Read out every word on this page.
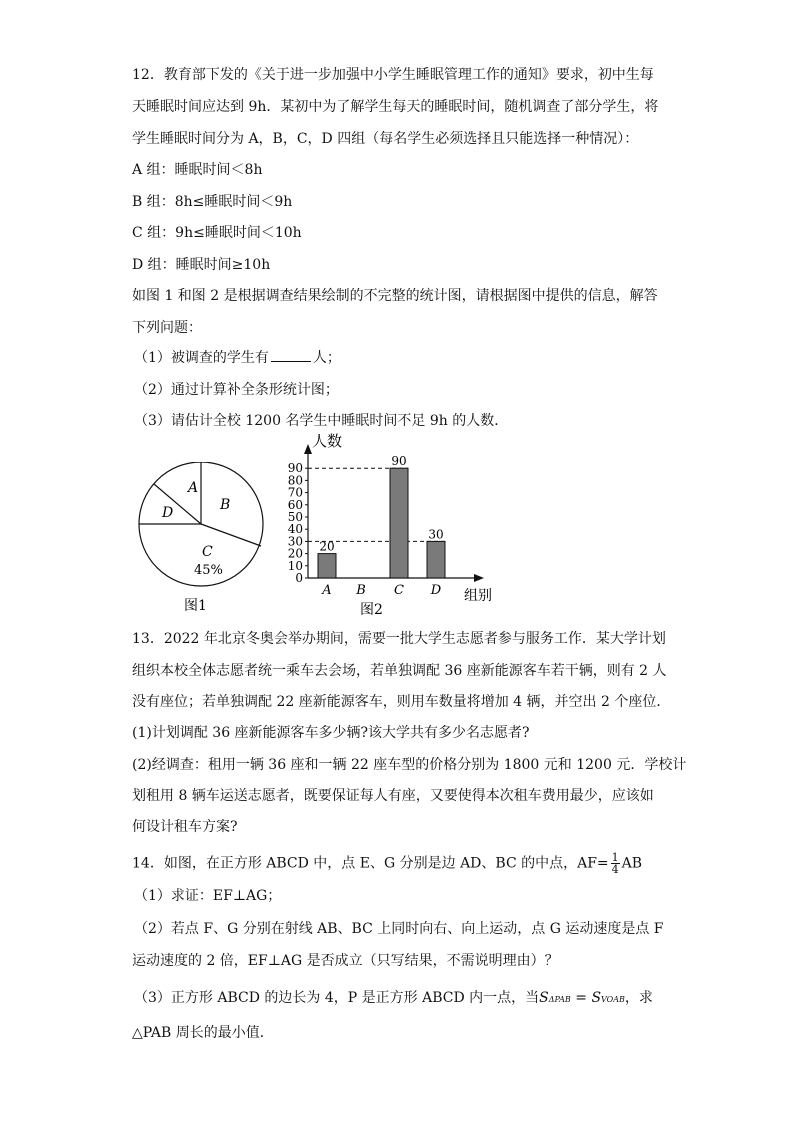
12．教育部下发的《关于进一步加强中小学生睡眠管理工作的通知》要求，初中生每
天睡眠时间应达到 9h．某初中为了解学生每天的睡眠时间，随机调查了部分学生，将
学生睡眠时间分为 A，B，C，D 四组（每名学生必须选择且只能选择一种情况）：
A 组：睡眠时间＜8h
B 组：8h≤睡眠时间＜9h
C 组：9h≤睡眠时间＜10h
D 组：睡眠时间≥10h
如图 1 和图 2 是根据调查结果绘制的不完整的统计图，请根据图中提供的信息，解答
下列问题：
（1）被调查的学生有	人；
（2）通过计算补全条形统计图；
（3）请估计全校 1200 名学生中睡眠时间不足 9h 的人数．
A
B
C
45%
D
图1
0
10
20
30
40
50
60
70
80
90
人数
组别
图2
20
A B
90
C
30
D
13．2022 年北京冬奥会举办期间，需要一批大学生志愿者参与服务工作．某大学计划
组织本校全体志愿者统一乘车去会场，若单独调配 36 座新能源客车若干辆，则有 2 人
没有座位；若单独调配 22 座新能源客车，则用车数量将增加 4 辆，并空出 2 个座位．
(1)计划调配 36 座新能源客车多少辆?该大学共有多少名志愿者?
(2)经调查：租用一辆 36 座和一辆 22 座车型的价格分别为 1800 元和 1200 元．学校计
划租用 8 辆车运送志愿者，既要保证每人有座，又要使得本次租车费用最少，应该如
何设计租车方案?
14．如图，在正方形 ABCD 中，点 E、G 分别是边 AD、BC 的中点，$AF= \frac{1}{4}$ AB
（1）求证：EF⊥AG；
（2）若点 F、G 分别在射线 AB、BC 上同时向右、向上运动，点 G 运动速度是点 F
运动速度的 2 倍，EF⊥AG 是否成立（只写结果，不需说明理由）？
（3）正方形 ABCD 的边长为 4，P 是正方形 ABCD 内一点，当SΔPAB = SVOAB，求
△PAB 周长的最小值．
